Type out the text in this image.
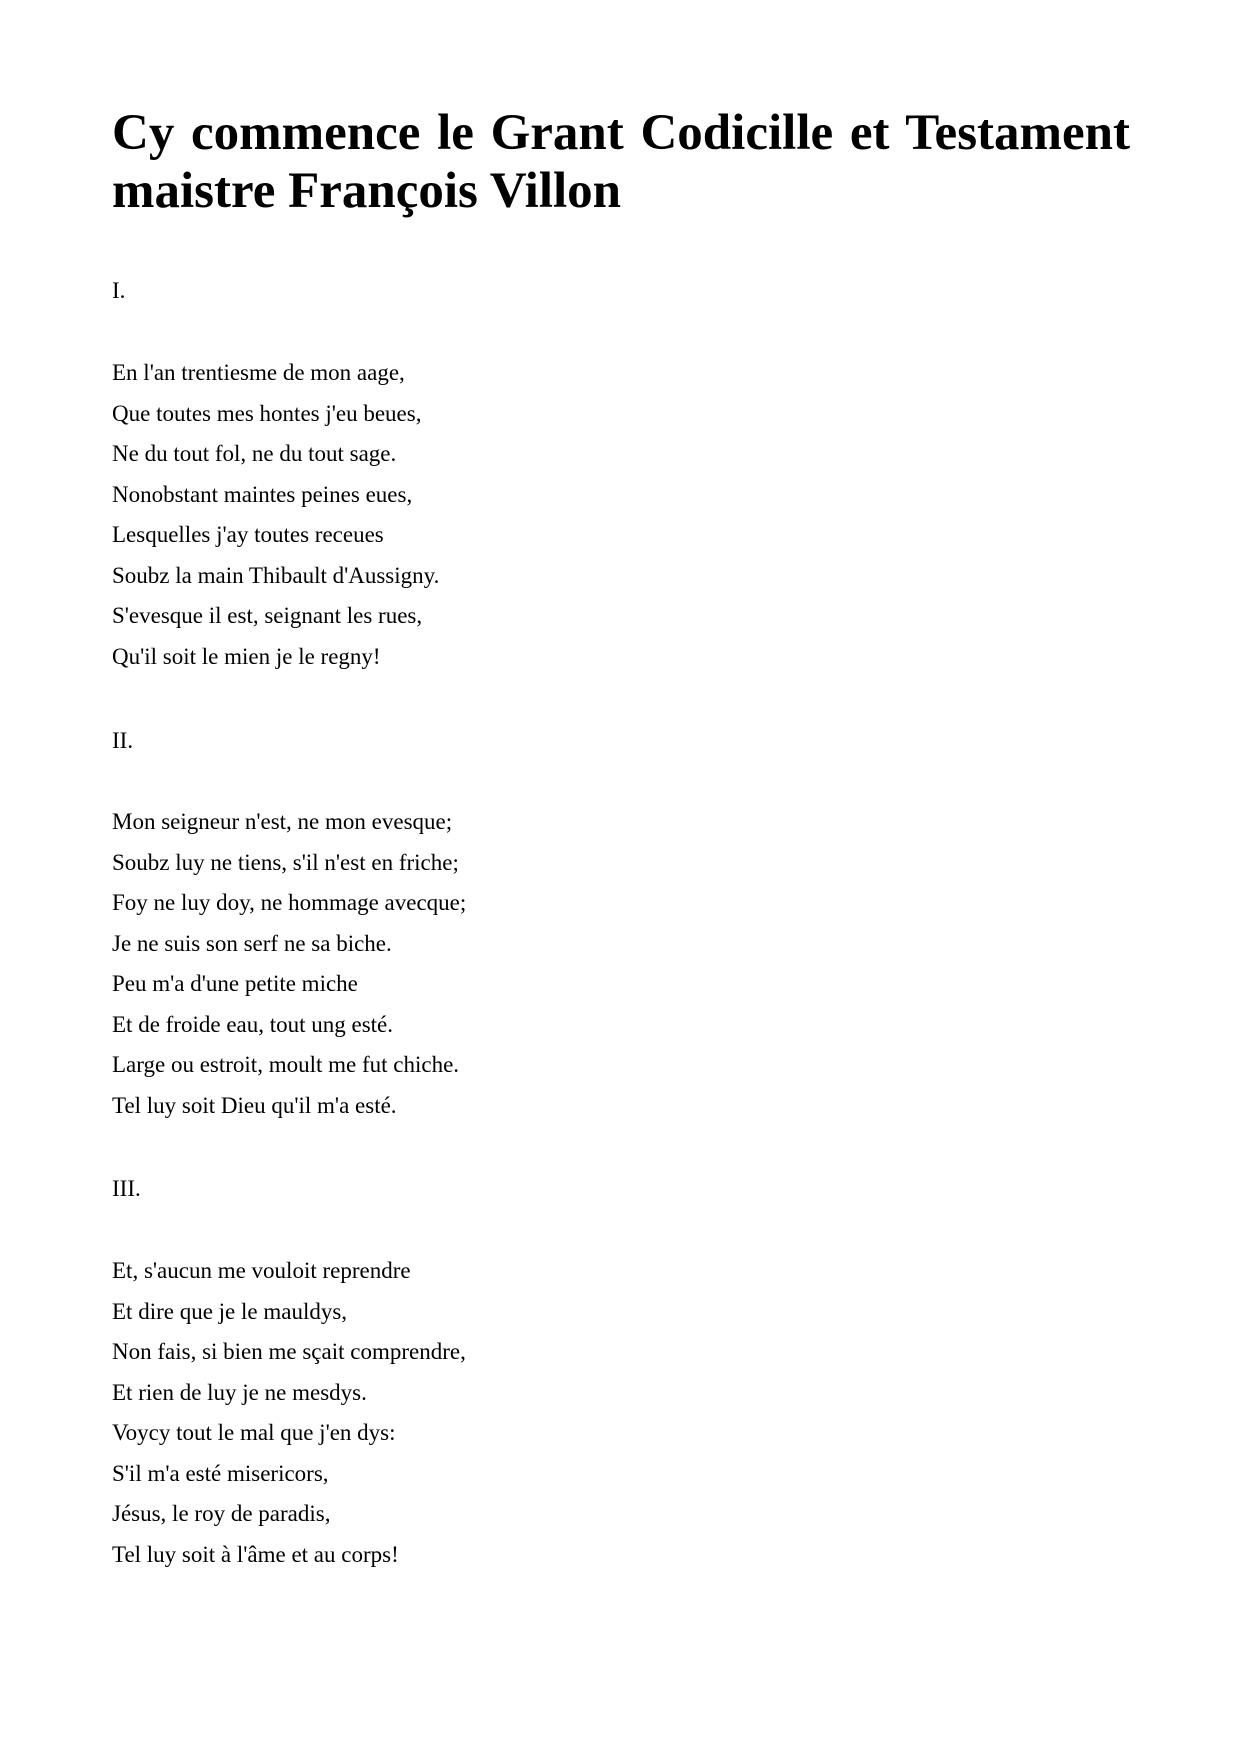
Cy commence le Grant Codicille et Testament maistre François Villon

I.

En l'an trentiesme de mon aage,
Que toutes mes hontes j'eu beues,
Ne du tout fol, ne du tout sage.
Nonobstant maintes peines eues,
Lesquelles j'ay toutes receues
Soubz la main Thibault d'Aussigny.
S'evesque il est, seignant les rues,
Qu'il soit le mien je le regny!

II.

Mon seigneur n'est, ne mon evesque;
Soubz luy ne tiens, s'il n'est en friche;
Foy ne luy doy, ne hommage avecque;
Je ne suis son serf ne sa biche.
Peu m'a d'une petite miche
Et de froide eau, tout ung esté.
Large ou estroit, moult me fut chiche.
Tel luy soit Dieu qu'il m'a esté.

III.

Et, s'aucun me vouloit reprendre
Et dire que je le mauldys,
Non fais, si bien me sçait comprendre,
Et rien de luy je ne mesdys.
Voycy tout le mal que j'en dys:
S'il m'a esté misericors,
Jésus, le roy de paradis,
Tel luy soit à l'âme et au corps!
